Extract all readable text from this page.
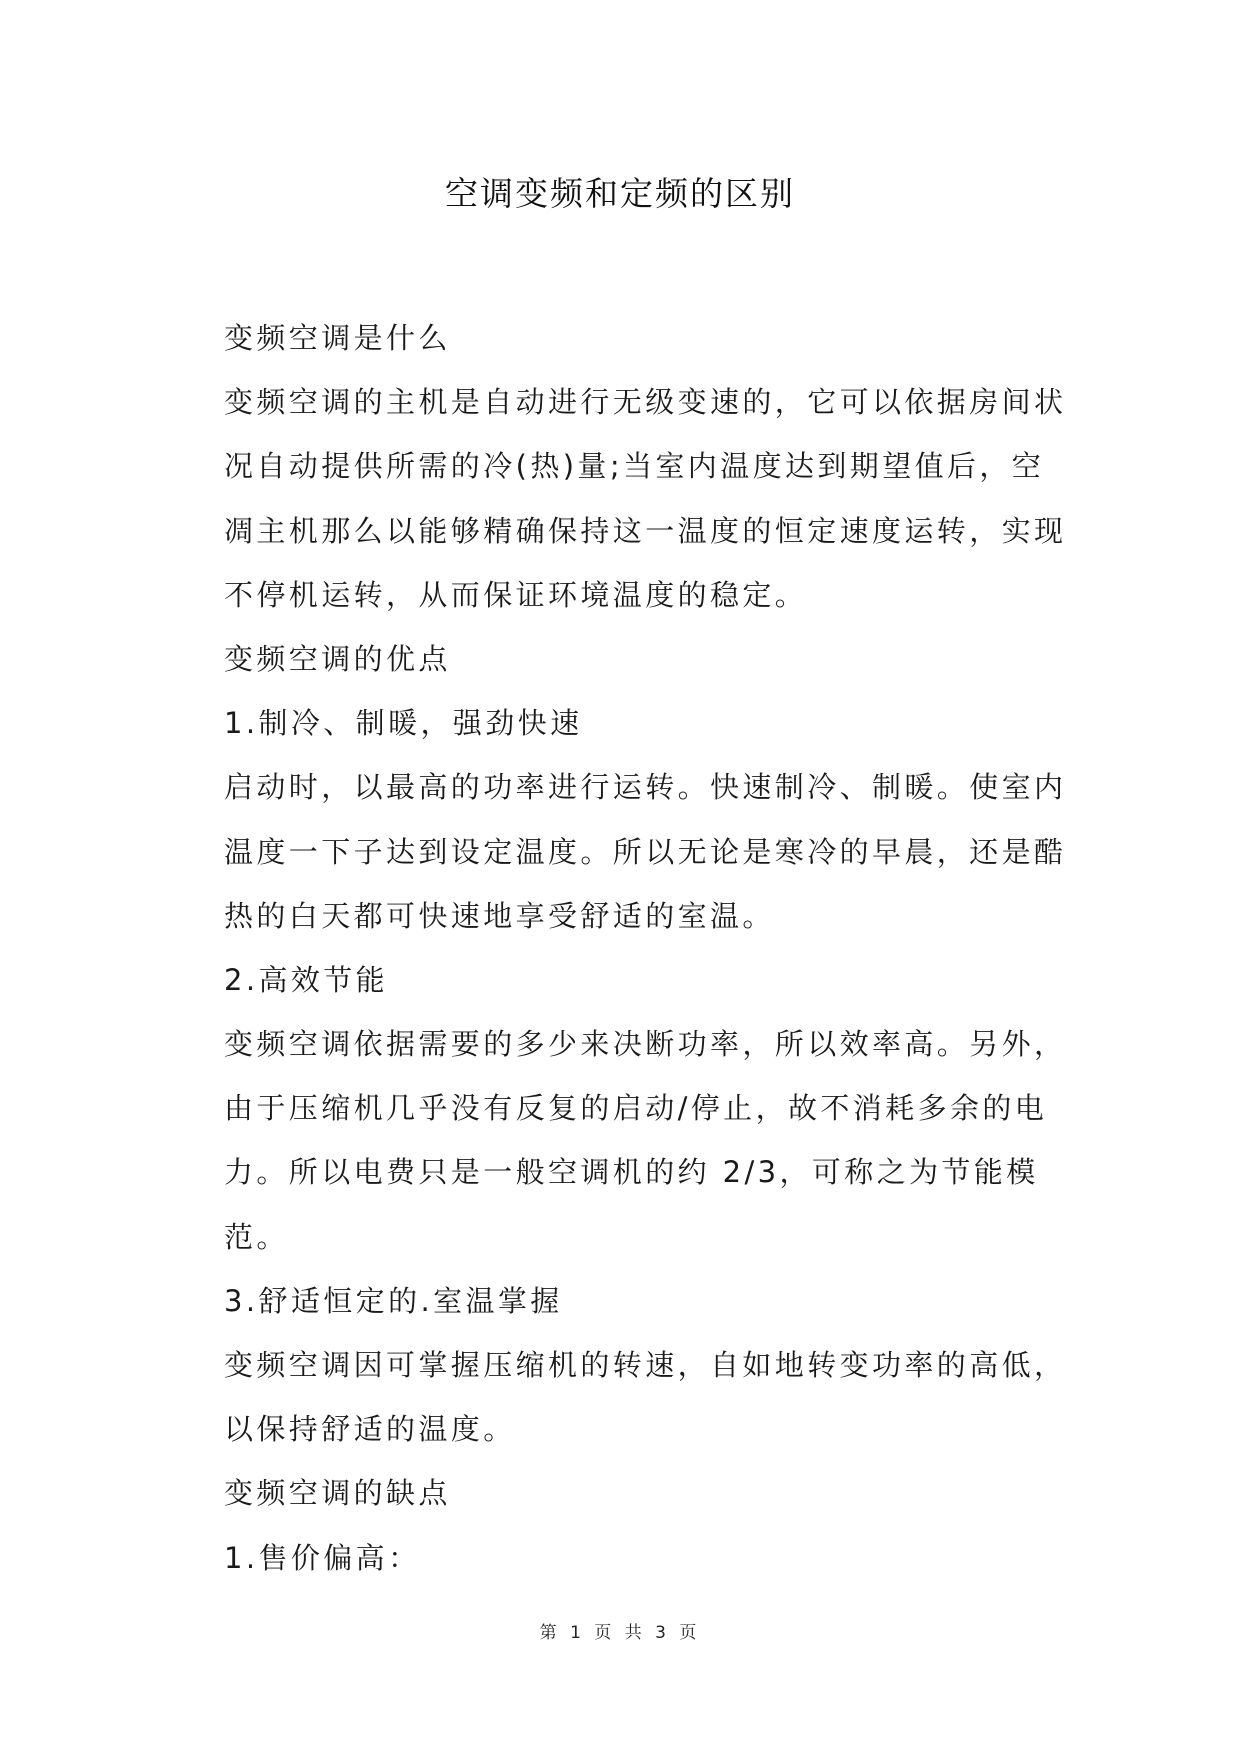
空调变频和定频的区别
变频空调是什么
变频空调的主机是自动进行无级变速的，它可以依据房间状
况自动提供所需的冷(热)量;当室内温度达到期望值后，空
凋主机那么以能够精确保持这一温度的恒定速度运转，实现
不停机运转，从而保证环境温度的稳定。
变频空调的优点
1.制冷、制暖，强劲快速
启动时，以最高的功率进行运转。快速制冷、制暖。使室内
温度一下子达到设定温度。所以无论是寒冷的早晨，还是酷
热的白天都可快速地享受舒适的室温。
2.高效节能
变频空调依据需要的多少来决断功率，所以效率高。另外，
由于压缩机几乎没有反复的启动/停止，故不消耗多余的电
力。所以电费只是一般空调机的约 2/3，可称之为节能模
范。
3.舒适恒定的.室温掌握
变频空调因可掌握压缩机的转速，自如地转变功率的高低，
以保持舒适的温度。
变频空调的缺点
1.售价偏高：
第 1 页 共 3 页
